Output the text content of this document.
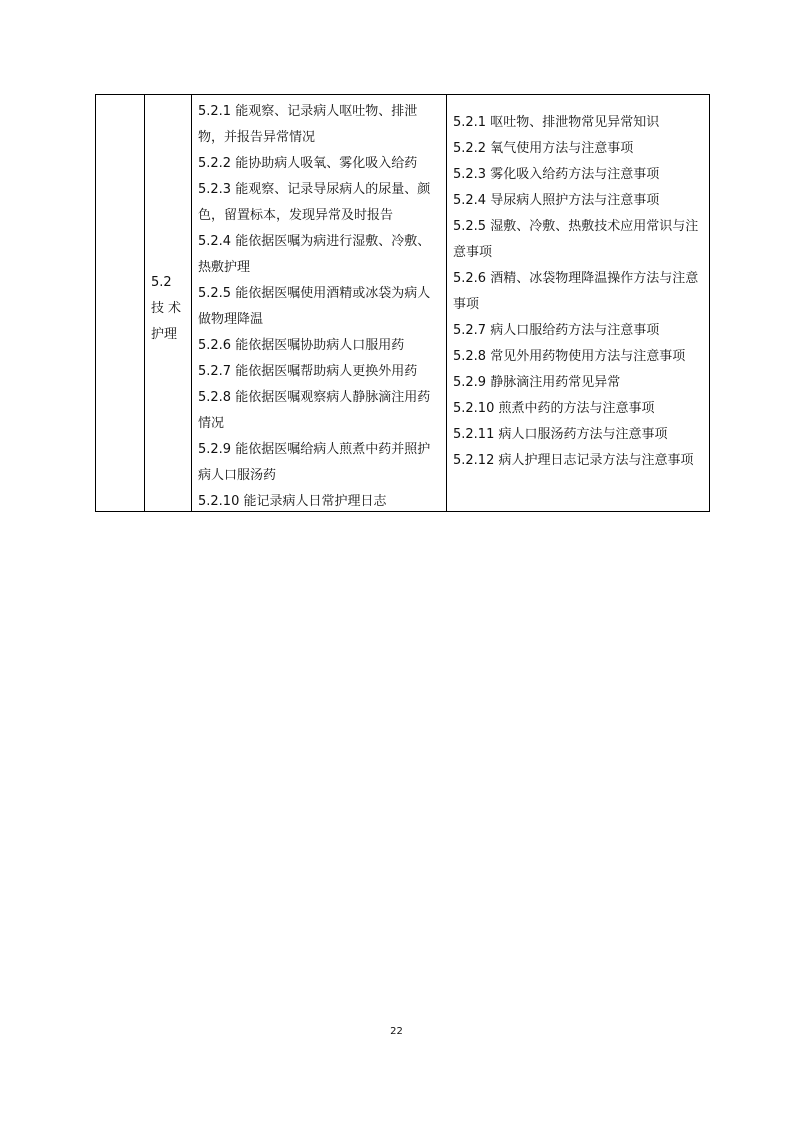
5.2
技术
护理
5.2.1 能观察、记录病人呕吐物、排泄物，并报告异常情况
5.2.2 能协助病人吸氧、雾化吸入给药
5.2.3 能观察、记录导尿病人的尿量、颜色，留置标本，发现异常及时报告
5.2.4 能依据医嘱为病进行湿敷、冷敷、热敷护理
5.2.5 能依据医嘱使用酒精或冰袋为病人做物理降温
5.2.6 能依据医嘱协助病人口服用药
5.2.7 能依据医嘱帮助病人更换外用药
5.2.8 能依据医嘱观察病人静脉滴注用药情况
5.2.9 能依据医嘱给病人煎煮中药并照护病人口服汤药
5.2.10 能记录病人日常护理日志
5.2.1 呕吐物、排泄物常见异常知识
5.2.2 氧气使用方法与注意事项
5.2.3 雾化吸入给药方法与注意事项
5.2.4 导尿病人照护方法与注意事项
5.2.5 湿敷、冷敷、热敷技术应用常识与注意事项
5.2.6 酒精、冰袋物理降温操作方法与注意事项
5.2.7 病人口服给药方法与注意事项
5.2.8 常见外用药物使用方法与注意事项
5.2.9 静脉滴注用药常见异常
5.2.10 煎煮中药的方法与注意事项
5.2.11 病人口服汤药方法与注意事项
5.2.12 病人护理日志记录方法与注意事项
22
